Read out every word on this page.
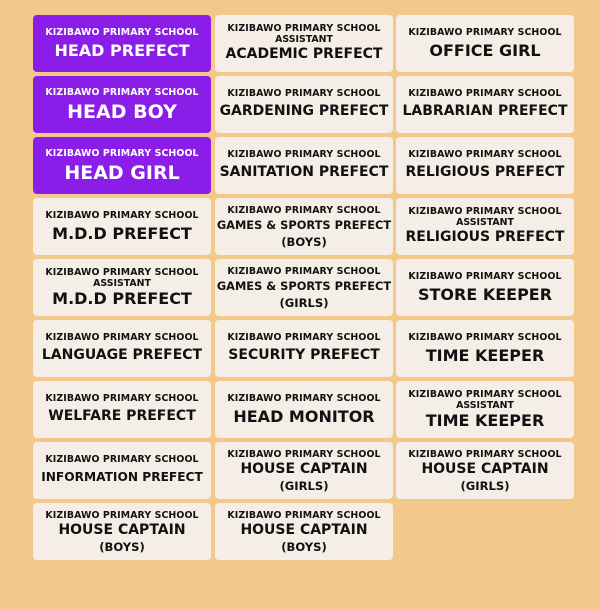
KIZIBAWO PRIMARY SCHOOL
HEAD PREFECT
KIZIBAWO PRIMARY SCHOOL
ASSISTANT
ACADEMIC PREFECT
KIZIBAWO PRIMARY SCHOOL
OFFICE GIRL
KIZIBAWO PRIMARY SCHOOL
HEAD BOY
KIZIBAWO PRIMARY SCHOOL
GARDENING PREFECT
KIZIBAWO PRIMARY SCHOOL
LABRARIAN PREFECT
KIZIBAWO PRIMARY SCHOOL
HEAD GIRL
KIZIBAWO PRIMARY SCHOOL
SANITATION PREFECT
KIZIBAWO PRIMARY SCHOOL
RELIGIOUS PREFECT
KIZIBAWO PRIMARY SCHOOL
M.D.D PREFECT
KIZIBAWO PRIMARY SCHOOL
GAMES & SPORTS PREFECT
(BOYS)
KIZIBAWO PRIMARY SCHOOL
ASSISTANT
RELIGIOUS PREFECT
KIZIBAWO PRIMARY SCHOOL
ASSISTANT
M.D.D PREFECT
KIZIBAWO PRIMARY SCHOOL
GAMES & SPORTS PREFECT
(GIRLS)
KIZIBAWO PRIMARY SCHOOL
STORE KEEPER
KIZIBAWO PRIMARY SCHOOL
LANGUAGE PREFECT
KIZIBAWO PRIMARY SCHOOL
SECURITY PREFECT
KIZIBAWO PRIMARY SCHOOL
TIME KEEPER
KIZIBAWO PRIMARY SCHOOL
WELFARE PREFECT
KIZIBAWO PRIMARY SCHOOL
HEAD MONITOR
KIZIBAWO PRIMARY SCHOOL
ASSISTANT
TIME KEEPER
KIZIBAWO PRIMARY SCHOOL
INFORMATION PREFECT
KIZIBAWO PRIMARY SCHOOL
HOUSE CAPTAIN
(GIRLS)
KIZIBAWO PRIMARY SCHOOL
HOUSE CAPTAIN
(GIRLS)
KIZIBAWO PRIMARY SCHOOL
HOUSE CAPTAIN
(BOYS)
KIZIBAWO PRIMARY SCHOOL
HOUSE CAPTAIN
(BOYS)
